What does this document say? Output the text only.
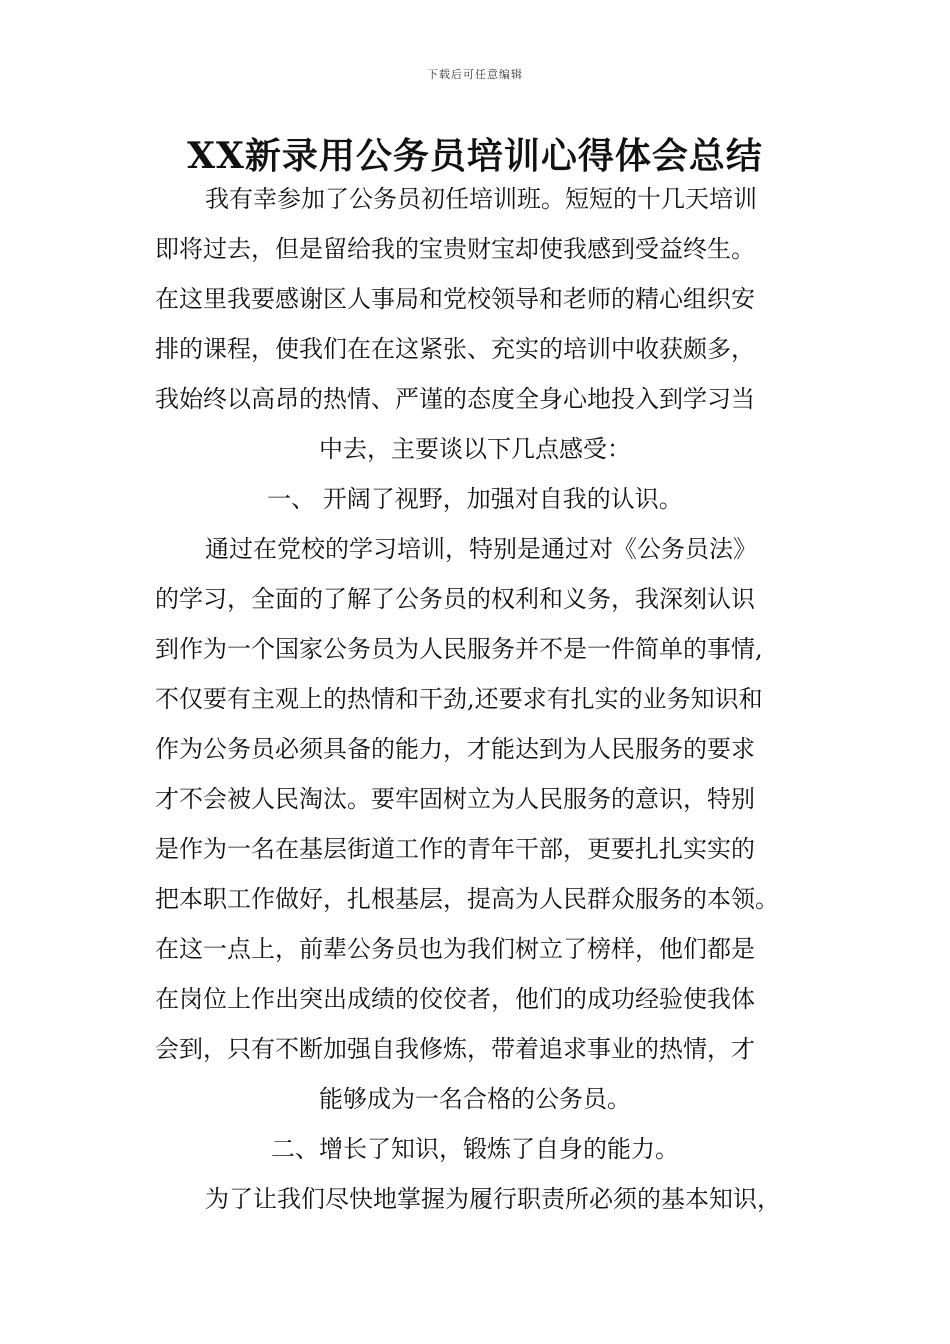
下载后可任意编辑
XX新录用公务员培训心得体会总结
我有幸参加了公务员初任培训班。短短的十几天培训
即将过去，但是留给我的宝贵财宝却使我感到受益终生。
在这里我要感谢区人事局和党校领导和老师的精心组织安
排的课程，使我们在在这紧张、充实的培训中收获颇多，
我始终以高昂的热情、严谨的态度全身心地投入到学习当
中去，主要谈以下几点感受：
一、 开阔了视野，加强对自我的认识。
通过在党校的学习培训，特别是通过对《公务员法》
的学习，全面的了解了公务员的权利和义务，我深刻认识
到作为一个国家公务员为人民服务并不是一件简单的事情,
不仅要有主观上的热情和干劲,还要求有扎实的业务知识和
作为公务员必须具备的能力，才能达到为人民服务的要求
才不会被人民淘汰。要牢固树立为人民服务的意识，特别
是作为一名在基层街道工作的青年干部，更要扎扎实实的
把本职工作做好，扎根基层，提高为人民群众服务的本领。
在这一点上，前辈公务员也为我们树立了榜样，他们都是
在岗位上作出突出成绩的佼佼者，他们的成功经验使我体
会到，只有不断加强自我修炼，带着追求事业的热情，才
能够成为一名合格的公务员。
二、增长了知识，锻炼了自身的能力。
为了让我们尽快地掌握为履行职责所必须的基本知识，
